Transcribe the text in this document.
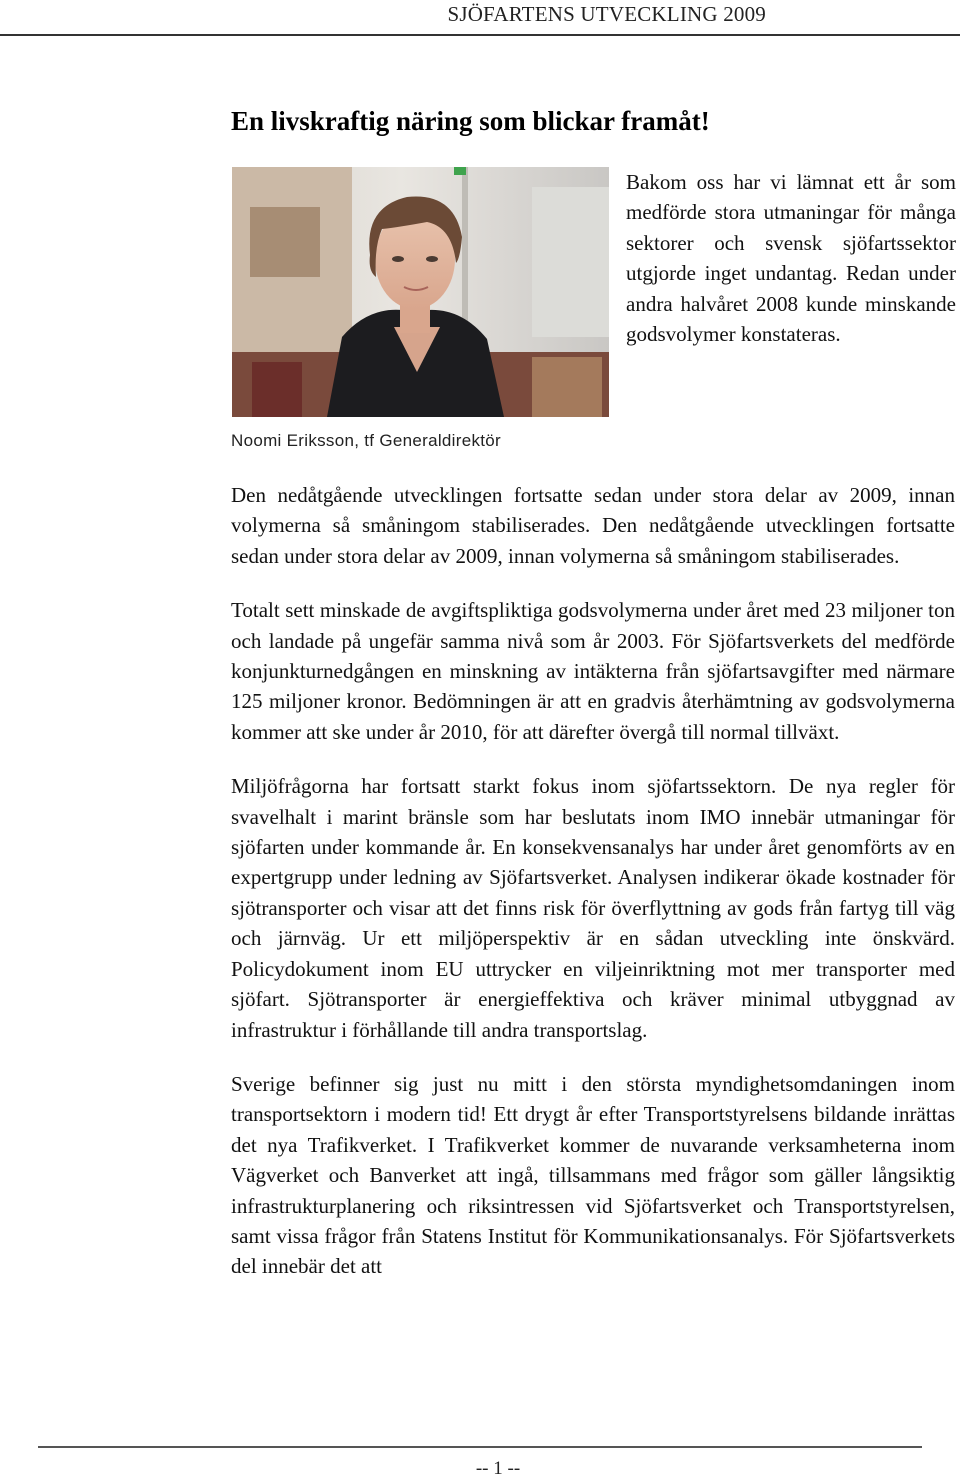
SJÖFARTENS UTVECKLING 2009
En livskraftig näring som blickar framåt!

Bakom oss har vi lämnat ett år som medförde stora utmaningar för många sektorer och svensk sjöfartssektor utgjorde inget undantag. Redan under andra halvåret 2008 kunde minskande godsvolymer konstateras.

Noomi Eriksson, tf Generaldirektör

Den nedåtgående utvecklingen fortsatte sedan under stora delar av 2009, innan volymerna så småningom stabiliserades. Den nedåtgående utvecklingen fortsatte sedan under stora delar av 2009, innan volymerna så småningom stabiliserades.

Totalt sett minskade de avgiftspliktiga godsvolymerna under året med 23 miljoner ton och landade på ungefär samma nivå som år 2003. För Sjöfartsverkets del medförde konjunkturnedgången en minskning av intäkterna från sjöfartsavgifter med närmare 125 miljoner kronor. Bedömningen är att en gradvis återhämtning av godsvolymerna kommer att ske under år 2010, för att därefter övergå till normal tillväxt.

Miljöfrågorna har fortsatt starkt fokus inom sjöfartssektorn. De nya regler för svavelhalt i marint bränsle som har beslutats inom IMO innebär utmaningar för sjöfarten under kommande år. En konsekvensanalys har under året genomförts av en expertgrupp under ledning av Sjöfartsverket. Analysen indikerar ökade kostnader för sjötransporter och visar att det finns risk för överflyttning av gods från fartyg till väg och järnväg. Ur ett miljöperspektiv är en sådan utveckling inte önskvärd. Policydokument inom EU uttrycker en viljeinriktning mot mer transporter med sjöfart. Sjötransporter är energieffektiva och kräver minimal utbyggnad av infrastruktur i förhållande till andra transportslag.

Sverige befinner sig just nu mitt i den största myndighetsomdaningen inom transportsektorn i modern tid! Ett drygt år efter Transportstyrelsens bildande inrättas det nya Trafikverket. I Trafikverket kommer de nuvarande verksamheterna inom Vägverket och Banverket att ingå, tillsammans med frågor som gäller långsiktig infrastrukturplanering och riksintressen vid Sjöfartsverket och Transportstyrelsen, samt vissa frågor från Statens Institut för Kommunikationsanalys. För Sjöfartsverkets del innebär det att

-- 1 --
